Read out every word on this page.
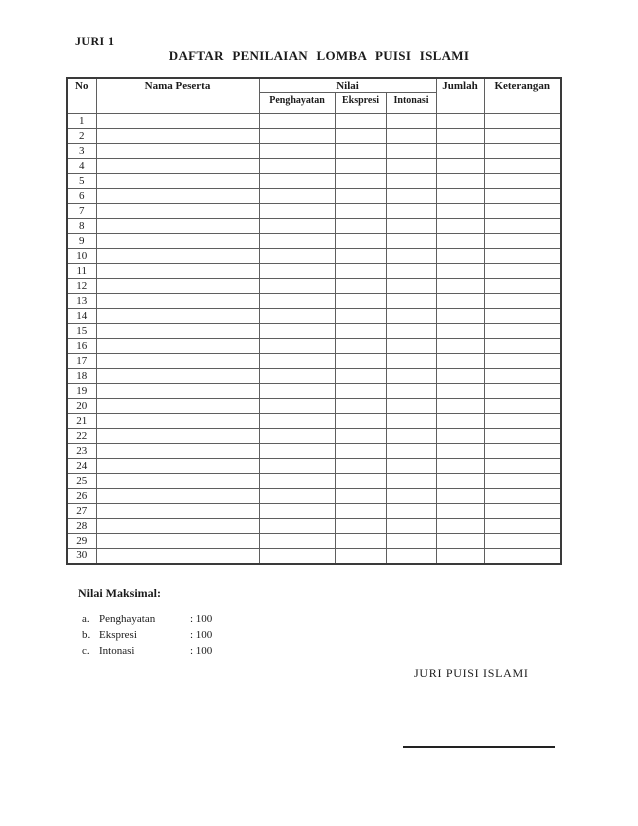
JURI 1
DAFTAR PENILAIAN LOMBA PUISI ISLAMI
No	Nama Peserta	Nilai			Jumlah	Keterangan
		Penghayatan	Ekspresi	Intonasi		
1						
2						
3						
4						
5						
6						
7						
8						
9						
10						
11						
12						
13						
14						
15						
16						
17						
18						
19						
20						
21						
22						
23						
24						
25						
26						
27						
28						
29						
30						
Nilai Maksimal:
a. Penghayatan	: 100
b. Ekspresi	: 100
c. Intonasi	: 100
JURI PUISI ISLAMI
